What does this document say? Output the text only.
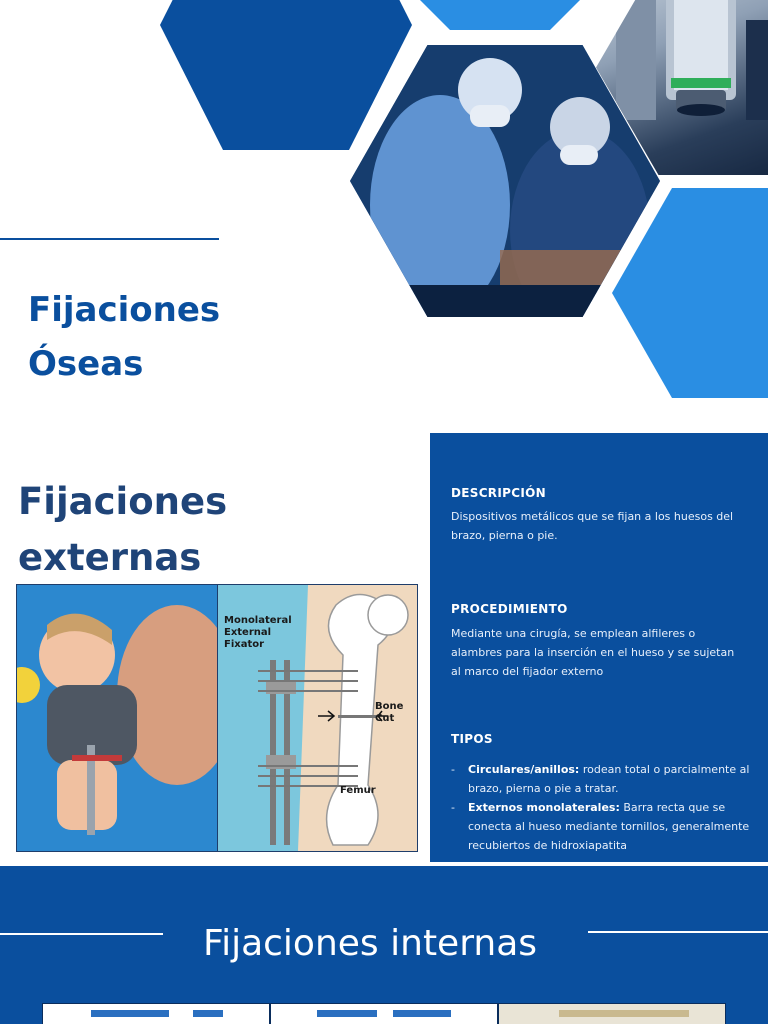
Fijaciones
Óseas
Fijaciones
externas
Monolateral
External
Fixator
Bone
Cut
Femur
DESCRIPCIÓN
Dispositivos metálicos que se fijan a los huesos del brazo, pierna o pie.
PROCEDIMIENTO
Mediante una cirugía, se emplean alfileres o alambres para la inserción en el hueso y se sujetan al marco del fijador externo
TIPOS
- Circulares/anillos: rodean total o parcialmente al brazo, pierna o pie a tratar.
- Externos monolaterales: Barra recta que se conecta al hueso mediante tornillos, generalmente recubiertos de hidroxiapatita
Fijaciones internas
